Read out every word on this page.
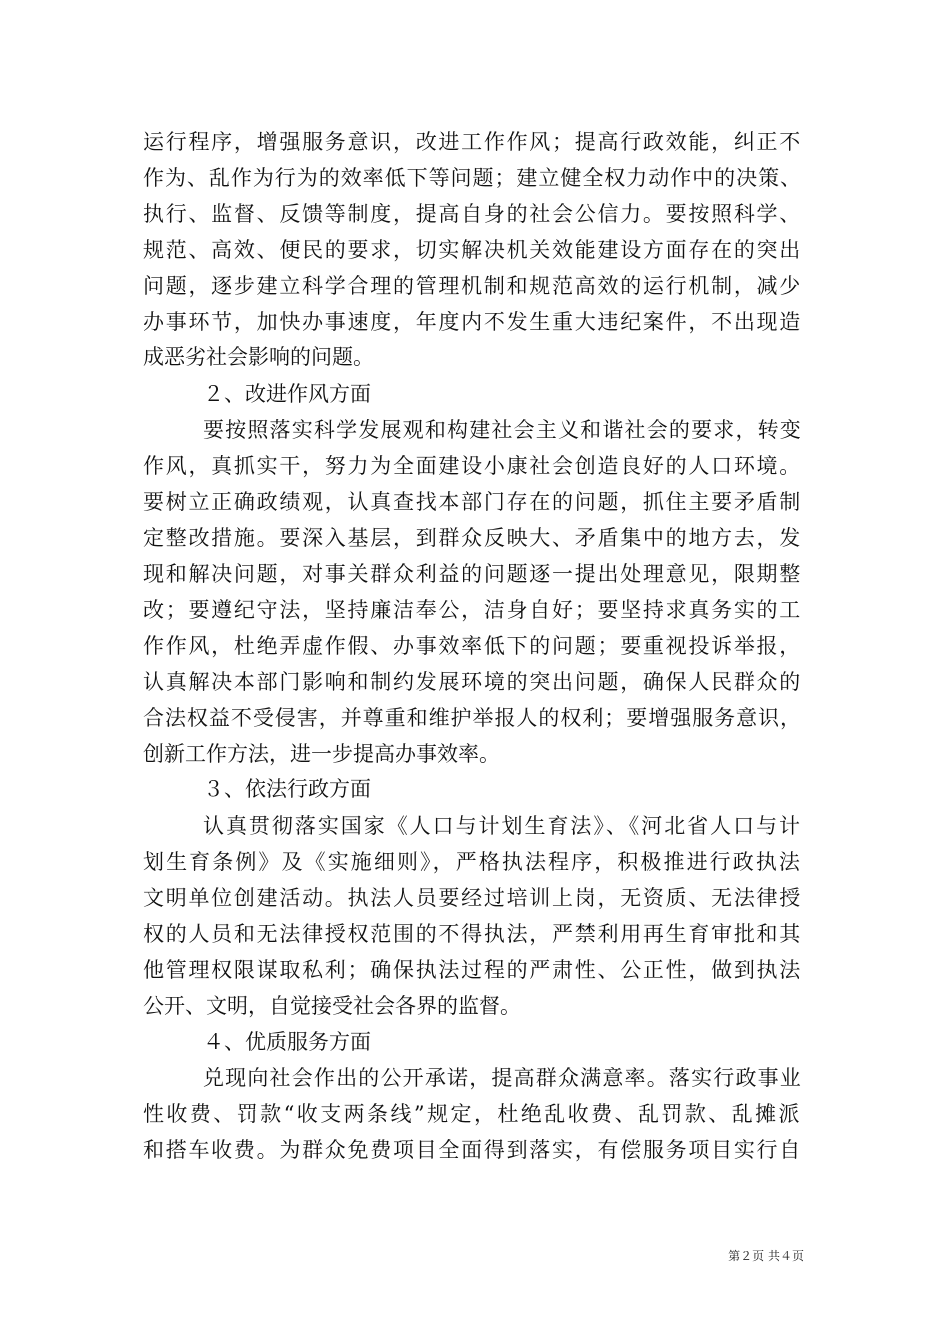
运行程序，增强服务意识，改进工作作风；提高行政效能，纠正不
作为、乱作为行为的效率低下等问题；建立健全权力动作中的决策、
执行、监督、反馈等制度，提高自身的社会公信力。要按照科学、
规范、高效、便民的要求，切实解决机关效能建设方面存在的突出
问题，逐步建立科学合理的管理机制和规范高效的运行机制，减少
办事环节，加快办事速度，年度内不发生重大违纪案件，不出现造
成恶劣社会影响的问题。
２、改进作风方面
要按照落实科学发展观和构建社会主义和谐社会的要求，转变
作风，真抓实干，努力为全面建设小康社会创造良好的人口环境。
要树立正确政绩观，认真查找本部门存在的问题，抓住主要矛盾制
定整改措施。要深入基层，到群众反映大、矛盾集中的地方去，发
现和解决问题，对事关群众利益的问题逐一提出处理意见，限期整
改；要遵纪守法，坚持廉洁奉公，洁身自好；要坚持求真务实的工
作作风，杜绝弄虚作假、办事效率低下的问题；要重视投诉举报，
认真解决本部门影响和制约发展环境的突出问题，确保人民群众的
合法权益不受侵害，并尊重和维护举报人的权利；要增强服务意识，
创新工作方法，进一步提高办事效率。
３、依法行政方面
认真贯彻落实国家《人口与计划生育法》、《河北省人口与计
划生育条例》及《实施细则》，严格执法程序，积极推进行政执法
文明单位创建活动。执法人员要经过培训上岗，无资质、无法律授
权的人员和无法律授权范围的不得执法，严禁利用再生育审批和其
他管理权限谋取私利；确保执法过程的严肃性、公正性，做到执法
公开、文明，自觉接受社会各界的监督。
４、优质服务方面
兑现向社会作出的公开承诺，提高群众满意率。落实行政事业
性收费、罚款“收支两条线”规定，杜绝乱收费、乱罚款、乱摊派
和搭车收费。为群众免费项目全面得到落实，有偿服务项目实行自
第２页 共４页
